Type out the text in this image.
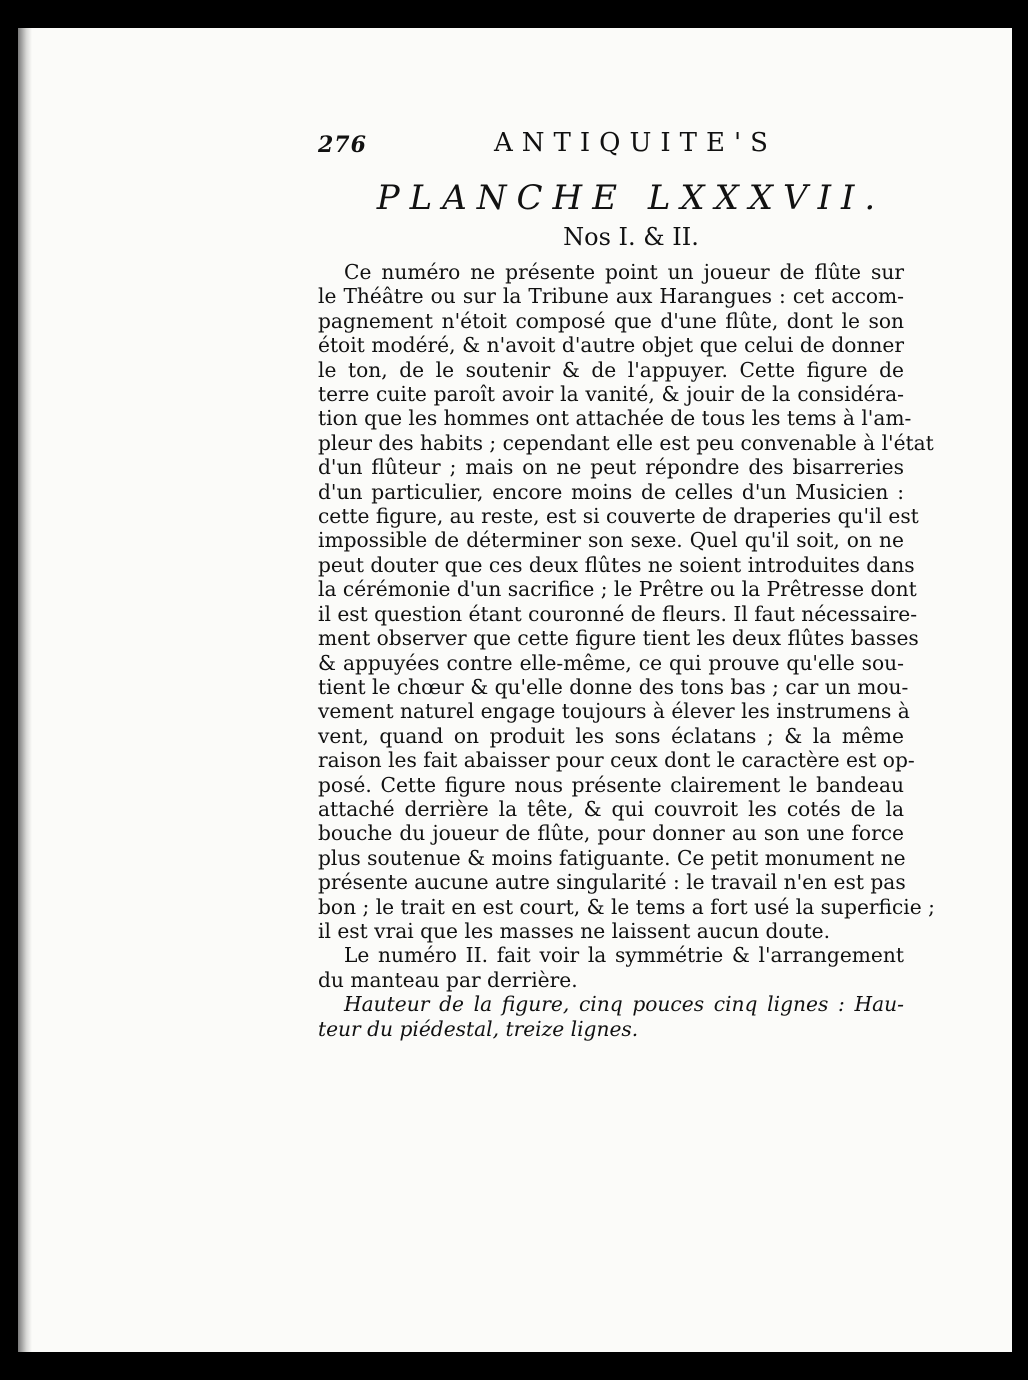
276	ANTIQUITE'S
PLANCHE LXXXVII.
Nos I. & II.
Ce numéro ne présente point un joueur de flûte sur
le Théâtre ou sur la Tribune aux Harangues : cet accom-
pagnement n'étoit composé que d'une flûte, dont le son
étoit modéré, & n'avoit d'autre objet que celui de donner
le ton, de le soutenir & de l'appuyer. Cette figure de
terre cuite paroît avoir la vanité, & jouir de la considéra-
tion que les hommes ont attachée de tous les tems à l'am-
pleur des habits ; cependant elle est peu convenable à l'état
d'un flûteur ; mais on ne peut répondre des bisarreries
d'un particulier, encore moins de celles d'un Musicien :
cette figure, au reste, est si couverte de draperies qu'il est
impossible de déterminer son sexe. Quel qu'il soit, on ne
peut douter que ces deux flûtes ne soient introduites dans
la cérémonie d'un sacrifice ; le Prêtre ou la Prêtresse dont
il est question étant couronné de fleurs. Il faut nécessaire-
ment observer que cette figure tient les deux flûtes basses
& appuyées contre elle-même, ce qui prouve qu'elle sou-
tient le chœur & qu'elle donne des tons bas ; car un mou-
vement naturel engage toujours à élever les instrumens à
vent, quand on produit les sons éclatans ; & la même
raison les fait abaisser pour ceux dont le caractère est op-
posé. Cette figure nous présente clairement le bandeau
attaché derrière la tête, & qui couvroit les cotés de la
bouche du joueur de flûte, pour donner au son une force
plus soutenue & moins fatiguante. Ce petit monument ne
présente aucune autre singularité : le travail n'en est pas
bon ; le trait en est court, & le tems a fort usé la superficie ;
il est vrai que les masses ne laissent aucun doute.
Le numéro II. fait voir la symmétrie & l'arrangement
du manteau par derrière.
Hauteur de la figure, cinq pouces cinq lignes : Hau-
teur du piédestal, treize lignes.
